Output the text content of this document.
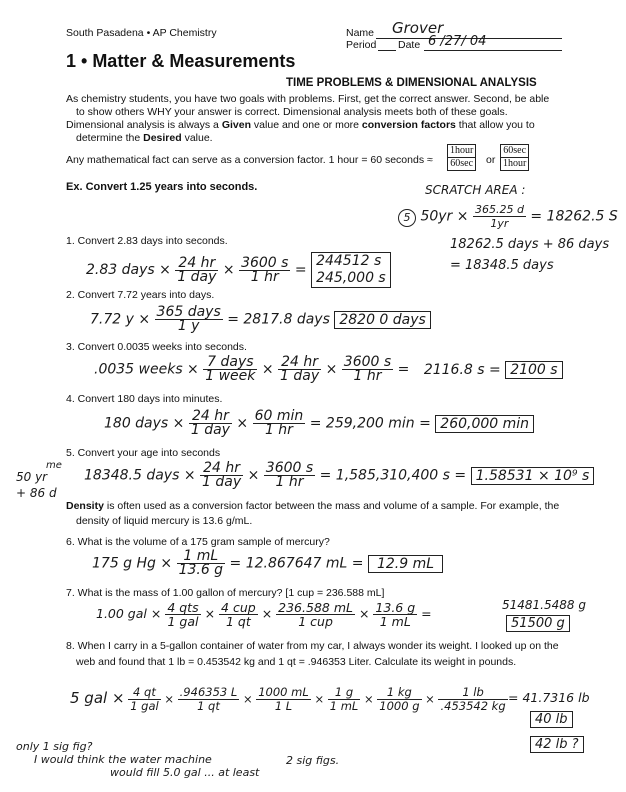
South Pasadena • AP Chemistry	Name Grover
Period Date 6 /27/ 04
1 • Matter & Measurements
TIME PROBLEMS & DIMENSIONAL ANALYSIS
As chemistry students, you have two goals with problems. First, get the correct answer. Second, be able
to show others WHY your answer is correct. Dimensional analysis meets both of these goals.
Dimensional analysis is always a Given value and one or more conversion factors that allow you to
determine the Desired value.
Any mathematical fact can serve as a conversion factor. 1 hour = 60 seconds ≈
1hour
60sec or
60sec
1hour
Ex. Convert 1.25 years into seconds.	SCRATCH AREA :
5 $50yr \times \frac{365.25 d}{1yr} = 18262.5$ S
18262.5 days + 86 days
= 18348.5 days
1. Convert 2.83 days into seconds.
2.83 days × $\frac{24 hr}{\text{1 day}} \times \frac{3600 s}{1 hr}$ =
244512 s
245,000 s
2. Convert 7.72 years into days.
7.72 $y \times \frac{\text{365 days}}{1 y} = 2817.8$ days 2820 0 days
3. Convert 0.0035 weeks into seconds.
.0035 weeks × $\frac{\text{7 days}}{\text{1 week}} \times \frac{24 hr}{\text{1 day}} \times \frac{3600 s}{1 hr} = 2116.8$ s = 2100 s
4. Convert 180 days into minutes.
180 days × $\frac{24 hr}{\text{1 day}} \times \frac{60 \min}{1 hr} = 259,200$ min = 260,000 min
5. Convert your age into seconds
me
50 yr
+ 86 d
18348.5 days × $\frac{24 hr}{\text{1 day}} \times \frac{3600 s}{1 hr} = 1,585,310,400$ s = 1.58531 × 10⁹ s
Density is often used as a conversion factor between the mass and volume of a sample. For example, the
density of liquid mercury is 13.6 g/mL.
6. What is the volume of a 175 gram sample of mercury?
175 g $Hg \times \frac{1 mL}{13.6 g} = 12.867647$ mL = 12.9 mL
7. What is the mass of 1.00 gallon of mercury? [1 cup = 236.588 mL]
1.00 gal × $\frac{\text{4 qts}}{\text{1 gal}} \times \frac{\text{4 cup}}{1 qt} \times \frac{236.588 mL}{\text{1 cup}} \times \frac{13.6 g}{1 mL}$ =
51481.5488 g
51500 g
8. When I carry in a 5-gallon container of water from my car, I always wonder its weight. I looked up on the
web and found that 1 lb = 0.453542 kg and 1 qt = .946353 Liter. Calculate its weight in pounds.
5 gal × $\frac{4 qt}{\text{1 gal}} \times \frac{.946353 L}{1 qt} \times \frac{1000 mL}{1 L} \times \frac{1 g}{1 mL} \times \frac{1 kg}{1000 g} \times \frac{1 lb}{.453542 kg} = 41.7316$ lb
40 lb
42 lb ?
only 1 sig fig?
I would think the water machine
would fill 5.0 gal ... at least
2 sig figs.
